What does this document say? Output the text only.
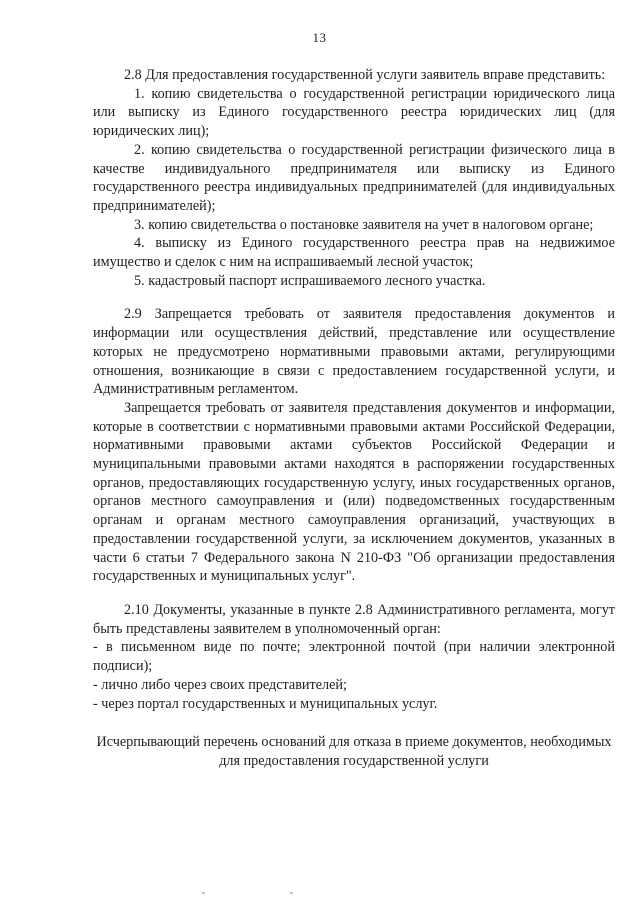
13

2.8 Для предоставления государственной услуги заявитель вправе представить:

1. копию свидетельства о государственной регистрации юридического лица или выписку из Единого государственного реестра юридических лиц (для юридических лиц);

2. копию свидетельства о государственной регистрации физического лица в качестве индивидуального предпринимателя или выписку из Единого государственного реестра индивидуальных предпринимателей (для индивидуальных предпринимателей);

3. копию свидетельства о постановке заявителя на учет в налоговом органе;

4. выписку из Единого государственного реестра прав на недвижимое имущество и сделок с ним на испрашиваемый лесной участок;

5. кадастровый паспорт испрашиваемого лесного участка.

2.9 Запрещается требовать от заявителя предоставления документов и информации или осуществления действий, представление или осуществление которых не предусмотрено нормативными правовыми актами, регулирующими отношения, возникающие в связи с предоставлением государственной услуги, и Административным регламентом.

Запрещается требовать от заявителя представления документов и информации, которые в соответствии с нормативными правовыми актами Российской Федерации, нормативными правовыми актами субъектов Российской Федерации и муниципальными правовыми актами находятся в распоряжении государственных органов, предоставляющих государственную услугу, иных государственных органов, органов местного самоуправления и (или) подведомственных государственным органам и органам местного самоуправления организаций, участвующих в предоставлении государственной услуги, за исключением документов, указанных в части 6 статьи 7 Федерального закона N 210-ФЗ "Об организации предоставления государственных и муниципальных услуг".

2.10 Документы, указанные в пункте 2.8 Административного регламента, могут быть представлены заявителем в уполномоченный орган:

- в письменном виде по почте; электронной почтой (при наличии электронной подписи);

- лично либо через своих представителей;

- через портал государственных и муниципальных услуг.

Исчерпывающий перечень оснований для отказа в приеме документов, необходимых для предоставления государственной услуги
